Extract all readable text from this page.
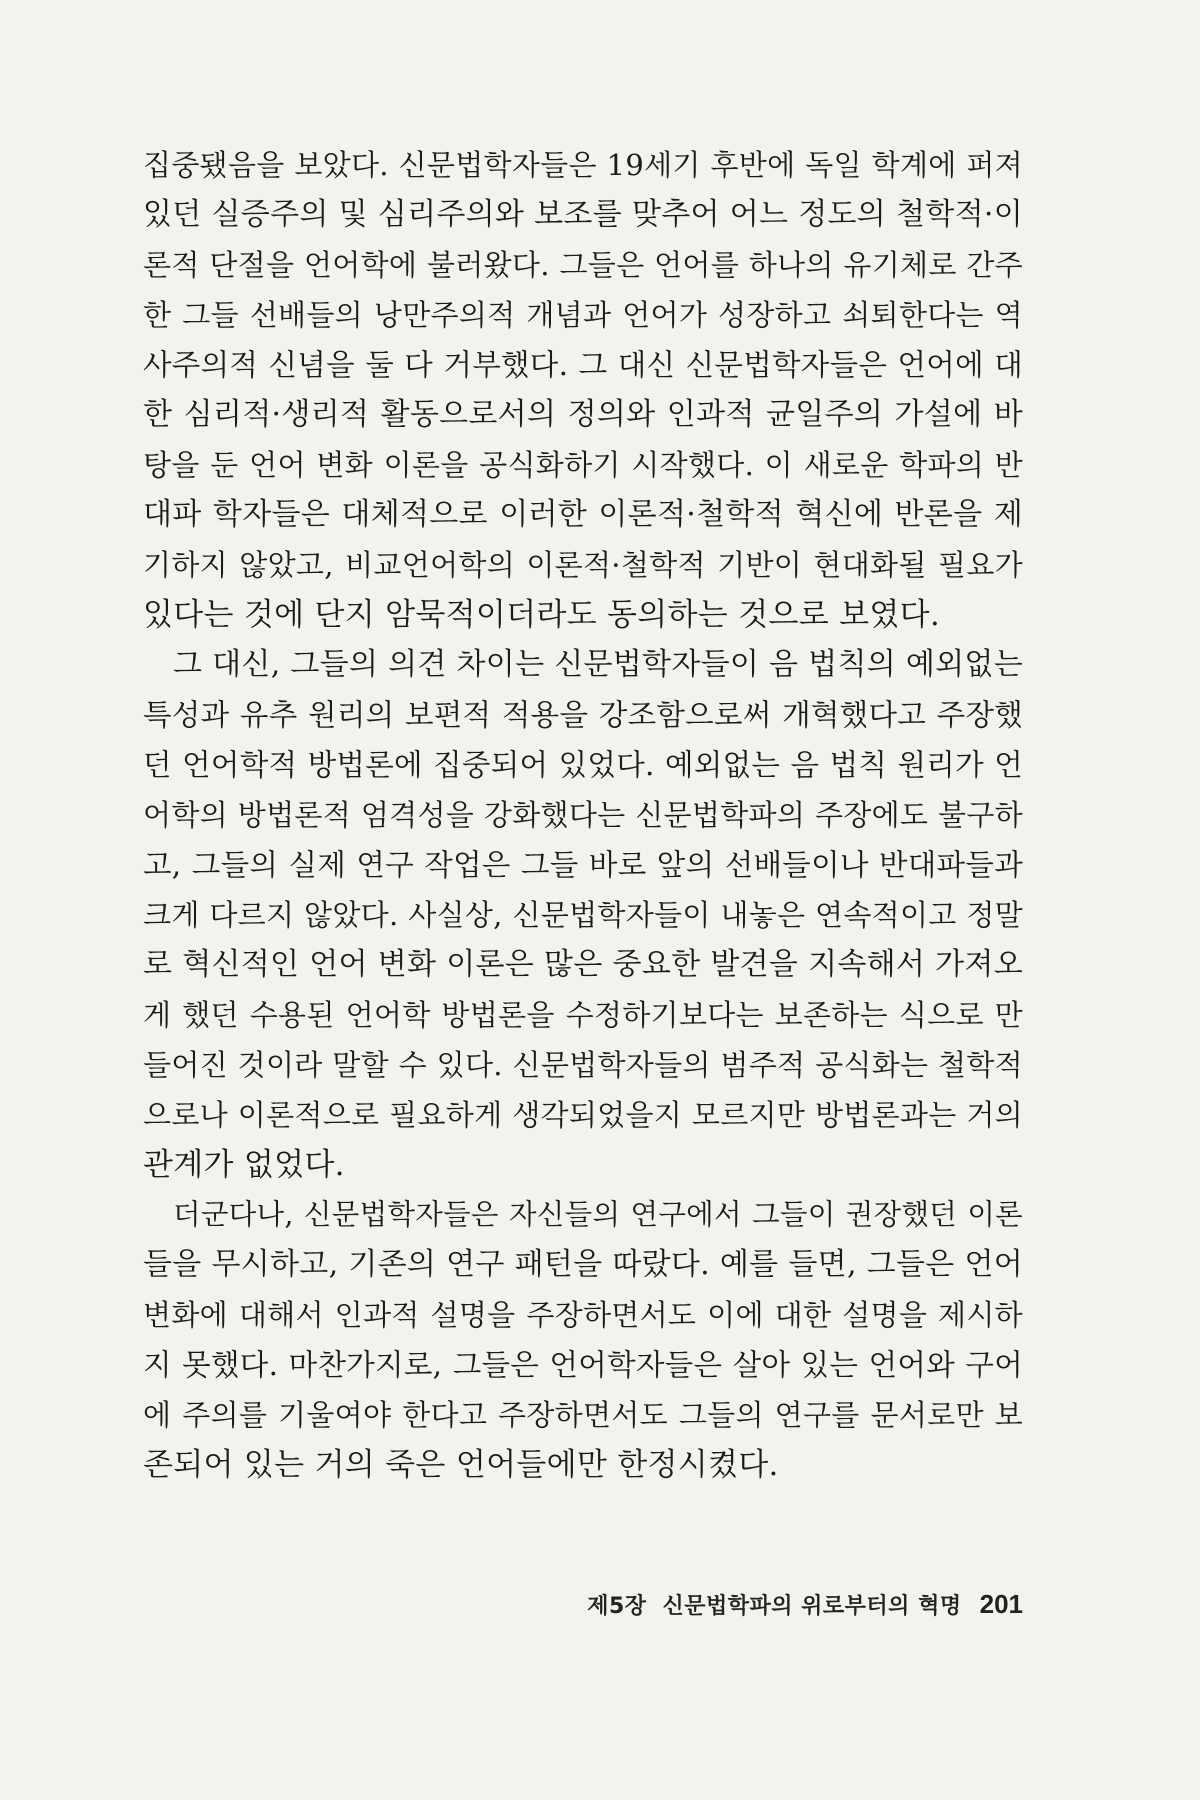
집중됐음을 보았다. 신문법학자들은 19세기 후반에 독일 학계에 퍼져
있던 실증주의 및 심리주의와 보조를 맞추어 어느 정도의 철학적·이
론적 단절을 언어학에 불러왔다. 그들은 언어를 하나의 유기체로 간주
한 그들 선배들의 낭만주의적 개념과 언어가 성장하고 쇠퇴한다는 역
사주의적 신념을 둘 다 거부했다. 그 대신 신문법학자들은 언어에 대
한 심리적·생리적 활동으로서의 정의와 인과적 균일주의 가설에 바
탕을 둔 언어 변화 이론을 공식화하기 시작했다. 이 새로운 학파의 반
대파 학자들은 대체적으로 이러한 이론적·철학적 혁신에 반론을 제
기하지 않았고, 비교언어학의 이론적·철학적 기반이 현대화될 필요가
있다는 것에 단지 암묵적이더라도 동의하는 것으로 보였다.
그 대신, 그들의 의견 차이는 신문법학자들이 음 법칙의 예외없는
특성과 유추 원리의 보편적 적용을 강조함으로써 개혁했다고 주장했
던 언어학적 방법론에 집중되어 있었다. 예외없는 음 법칙 원리가 언
어학의 방법론적 엄격성을 강화했다는 신문법학파의 주장에도 불구하
고, 그들의 실제 연구 작업은 그들 바로 앞의 선배들이나 반대파들과
크게 다르지 않았다. 사실상, 신문법학자들이 내놓은 연속적이고 정말
로 혁신적인 언어 변화 이론은 많은 중요한 발견을 지속해서 가져오
게 했던 수용된 언어학 방법론을 수정하기보다는 보존하는 식으로 만
들어진 것이라 말할 수 있다. 신문법학자들의 범주적 공식화는 철학적
으로나 이론적으로 필요하게 생각되었을지 모르지만 방법론과는 거의
관계가 없었다.
더군다나, 신문법학자들은 자신들의 연구에서 그들이 권장했던 이론
들을 무시하고, 기존의 연구 패턴을 따랐다. 예를 들면, 그들은 언어
변화에 대해서 인과적 설명을 주장하면서도 이에 대한 설명을 제시하
지 못했다. 마찬가지로, 그들은 언어학자들은 살아 있는 언어와 구어
에 주의를 기울여야 한다고 주장하면서도 그들의 연구를 문서로만 보
존되어 있는 거의 죽은 언어들에만 한정시켰다.
제5장 신문법학파의 위로부터의 혁명 201
